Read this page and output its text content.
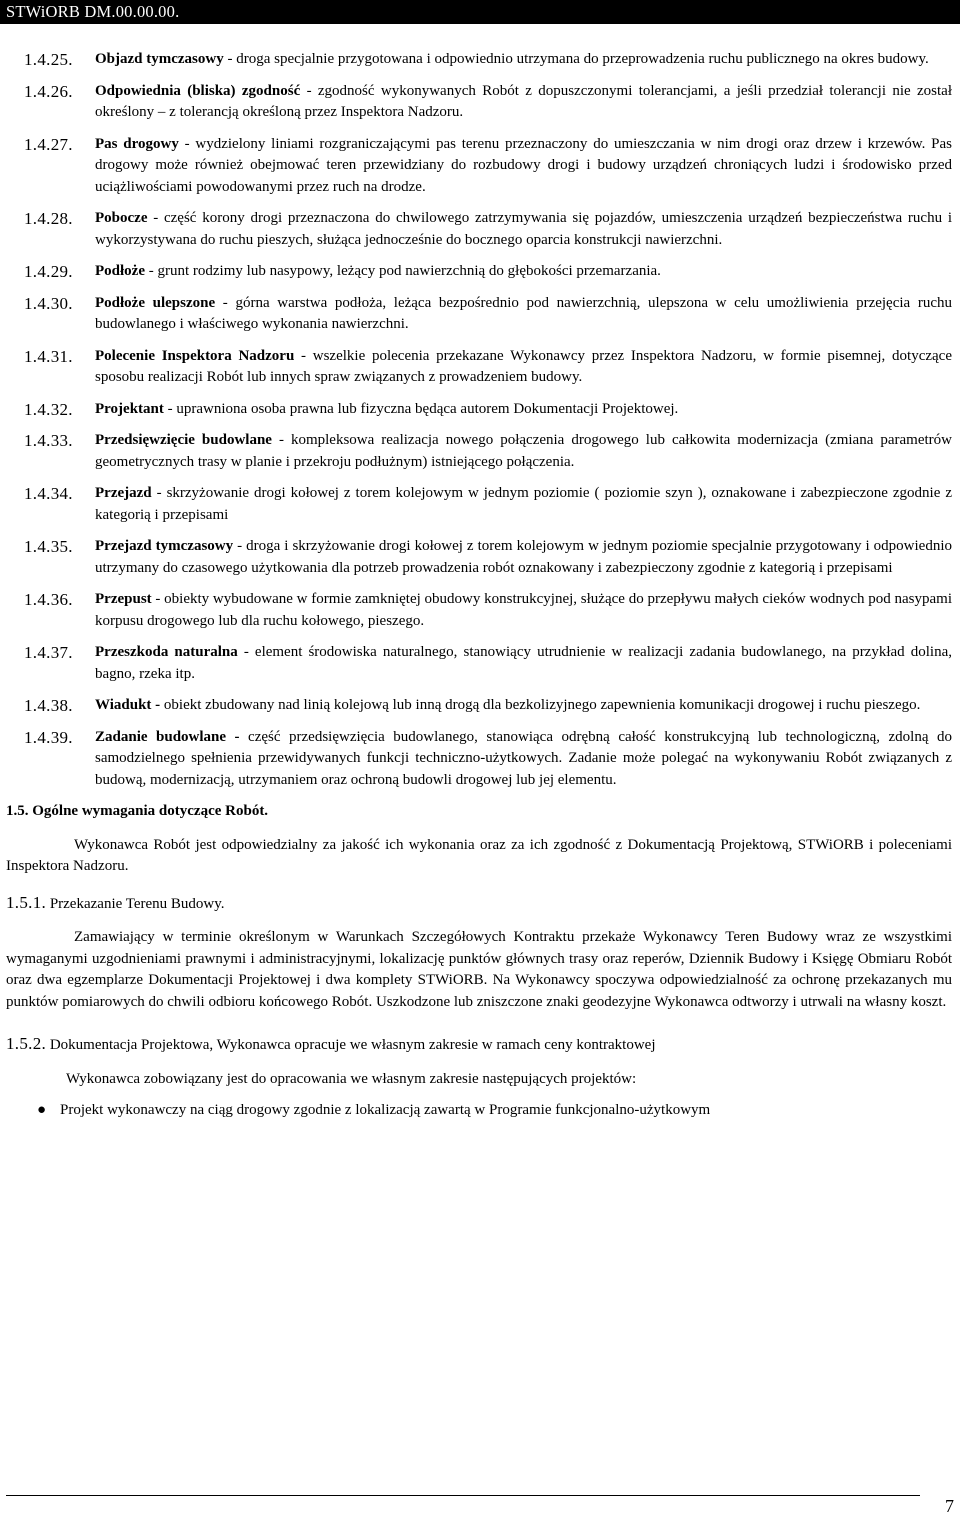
STWiORB DM.00.00.00.
1.4.25. Objazd tymczasowy - droga specjalnie przygotowana i odpowiednio utrzymana do przeprowadzenia ruchu publicznego na okres budowy.
1.4.26. Odpowiednia (bliska) zgodność - zgodność wykonywanych Robót z dopuszczonymi tolerancjami, a jeśli przedział tolerancji nie został określony – z tolerancją określoną przez Inspektora Nadzoru.
1.4.27. Pas drogowy - wydzielony liniami rozgraniczającymi pas terenu przeznaczony do umieszczania w nim drogi oraz drzew i krzewów. Pas drogowy może również obejmować teren przewidziany do rozbudowy drogi i budowy urządzeń chroniących ludzi i środowisko przed uciążliwościami powodowanymi przez ruch na drodze.
1.4.28. Pobocze - część korony drogi przeznaczona do chwilowego zatrzymywania się pojazdów, umieszczenia urządzeń bezpieczeństwa ruchu i wykorzystywana do ruchu pieszych, służąca jednocześnie do bocznego oparcia konstrukcji nawierzchni.
1.4.29. Podłoże - grunt rodzimy lub nasypowy, leżący pod nawierzchnią do głębokości przemarzania.
1.4.30. Podłoże ulepszone - górna warstwa podłoża, leżąca bezpośrednio pod nawierzchnią, ulepszona w celu umożliwienia przejęcia ruchu budowlanego i właściwego wykonania nawierzchni.
1.4.31. Polecenie Inspektora Nadzoru - wszelkie polecenia przekazane Wykonawcy przez Inspektora Nadzoru, w formie pisemnej, dotyczące sposobu realizacji Robót lub innych spraw związanych z prowadzeniem budowy.
1.4.32. Projektant - uprawniona osoba prawna lub fizyczna będąca autorem Dokumentacji Projektowej.
1.4.33. Przedsięwzięcie budowlane - kompleksowa realizacja nowego połączenia drogowego lub całkowita modernizacja (zmiana parametrów geometrycznych trasy w planie i przekroju podłużnym) istniejącego połączenia.
1.4.34. Przejazd - skrzyżowanie drogi kołowej z torem kolejowym w jednym poziomie ( poziomie szyn ), oznakowane i zabezpieczone zgodnie z kategorią i przepisami
1.4.35. Przejazd tymczasowy - droga i skrzyżowanie drogi kołowej z torem kolejowym w jednym poziomie specjalnie przygotowany i odpowiednio utrzymany do czasowego użytkowania dla potrzeb prowadzenia robót oznakowany i zabezpieczony zgodnie z kategorią i przepisami
1.4.36. Przepust - obiekty wybudowane w formie zamkniętej obudowy konstrukcyjnej, służące do przepływu małych cieków wodnych pod nasypami korpusu drogowego lub dla ruchu kołowego, pieszego.
1.4.37. Przeszkoda naturalna - element środowiska naturalnego, stanowiący utrudnienie w realizacji zadania budowlanego, na przykład dolina, bagno, rzeka itp.
1.4.38. Wiadukt - obiekt zbudowany nad linią kolejową lub inną drogą dla bezkolizyjnego zapewnienia komunikacji drogowej i ruchu pieszego.
1.4.39. Zadanie budowlane - część przedsięwzięcia budowlanego, stanowiąca odrębną całość konstrukcyjną lub technologiczną, zdolną do samodzielnego spełnienia przewidywanych funkcji techniczno-użytkowych. Zadanie może polegać na wykonywaniu Robót związanych z budową, modernizacją, utrzymaniem oraz ochroną budowli drogowej lub jej elementu.
1.5. Ogólne wymagania dotyczące Robót.
Wykonawca Robót jest odpowiedzialny za jakość ich wykonania oraz za ich zgodność z Dokumentacją Projektową, STWiORB i poleceniami Inspektora Nadzoru.
1.5.1. Przekazanie Terenu Budowy.
Zamawiający w terminie określonym w Warunkach Szczegółowych Kontraktu przekaże Wykonawcy Teren Budowy wraz ze wszystkimi wymaganymi uzgodnieniami prawnymi i administracyjnymi, lokalizację punktów głównych trasy oraz reperów, Dziennik Budowy i Księgę Obmiaru Robót oraz dwa egzemplarze Dokumentacji Projektowej i dwa komplety STWiORB. Na Wykonawcy spoczywa odpowiedzialność za ochronę przekazanych mu punktów pomiarowych do chwili odbioru końcowego Robót. Uszkodzone lub zniszczone znaki geodezyjne Wykonawca odtworzy i utrwali na własny koszt.
1.5.2. Dokumentacja Projektowa, Wykonawca opracuje we własnym zakresie w ramach ceny kontraktowej
Wykonawca zobowiązany jest do opracowania we własnym zakresie następujących projektów:
● Projekt wykonawczy na ciąg drogowy zgodnie z lokalizacją zawartą w Programie funkcjonalno-użytkowym
7
